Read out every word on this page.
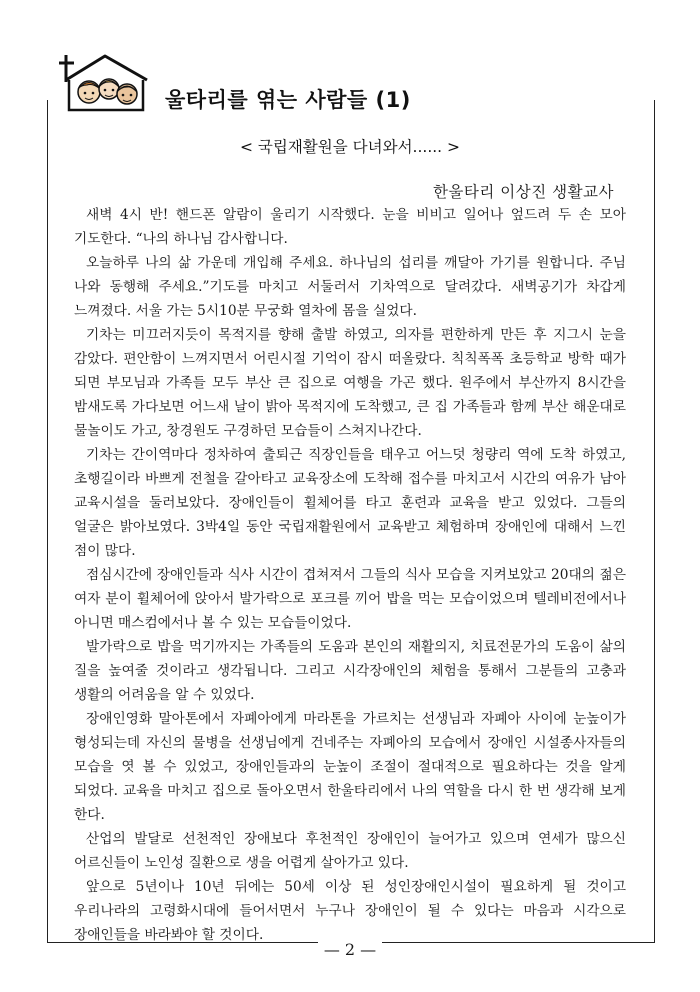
울타리를 엮는 사람들 (1)
< 국립재활원을 다녀와서...... >
한울타리 이상진 생활교사

새벽 4시 반! 핸드폰 알람이 울리기 시작했다. 눈을 비비고 일어나 엎드려 두 손 모아 기도한다. “나의 하나님 감사합니다.

오늘하루 나의 삶 가운데 개입해 주세요. 하나님의 섭리를 깨달아 가기를 원합니다. 주님 나와 동행해 주세요.”기도를 마치고 서둘러서 기차역으로 달려갔다. 새벽공기가 차갑게 느껴졌다. 서울 가는 5시10분 무궁화 열차에 몸을 실었다.

기차는 미끄러지듯이 목적지를 향해 출발 하였고, 의자를 편한하게 만든 후 지그시 눈을 감았다. 편안함이 느껴지면서 어린시절 기억이 잠시 떠올랐다. 칙칙폭폭 초등학교 방학 때가 되면 부모님과 가족들 모두 부산 큰 집으로 여행을 가곤 했다. 원주에서 부산까지 8시간을 밤새도록 가다보면 어느새 날이 밝아 목적지에 도착했고, 큰 집 가족들과 함께 부산 해운대로 물놀이도 가고, 창경원도 구경하던 모습들이 스쳐지나간다.

기차는 간이역마다 정차하여 출퇴근 직장인들을 태우고 어느덧 청량리 역에 도착 하였고, 초행길이라 바쁘게 전철을 갈아타고 교육장소에 도착해 접수를 마치고서 시간의 여유가 남아 교육시설을 둘러보았다. 장애인들이 휠체어를 타고 훈련과 교육을 받고 있었다. 그들의 얼굴은 밝아보였다. 3박4일 동안 국립재활원에서 교육받고 체험하며 장애인에 대해서 느낀 점이 많다.

점심시간에 장애인들과 식사 시간이 겹쳐져서 그들의 식사 모습을 지켜보았고 20대의 젊은 여자 분이 휠체어에 앉아서 발가락으로 포크를 끼어 밥을 먹는 모습이었으며 텔레비전에서나 아니면 매스컴에서나 볼 수 있는 모습들이었다.

발가락으로 밥을 먹기까지는 가족들의 도움과 본인의 재활의지, 치료전문가의 도움이 삶의 질을 높여줄 것이라고 생각됩니다. 그리고 시각장애인의 체험을 통해서 그분들의 고충과 생활의 어려움을 알 수 있었다.

장애인영화 말아톤에서 자폐아에게 마라톤을 가르치는 선생님과 자폐아 사이에 눈높이가 형성되는데 자신의 물병을 선생님에게 건네주는 자폐아의 모습에서 장애인 시설종사자들의 모습을 엿 볼 수 있었고, 장애인들과의 눈높이 조절이 절대적으로 필요하다는 것을 알게 되었다. 교육을 마치고 집으로 돌아오면서 한울타리에서 나의 역할을 다시 한 번 생각해 보게 한다.

산업의 발달로 선천적인 장애보다 후천적인 장애인이 늘어가고 있으며 연세가 많으신 어르신들이 노인성 질환으로 생을 어렵게 살아가고 있다.

앞으로 5년이나 10년 뒤에는 50세 이상 된 성인장애인시설이 필요하게 될 것이고 우리나라의 고령화시대에 들어서면서 누구나 장애인이 될 수 있다는 마음과 시각으로 장애인들을 바라봐야 할 것이다.

— 2 —
